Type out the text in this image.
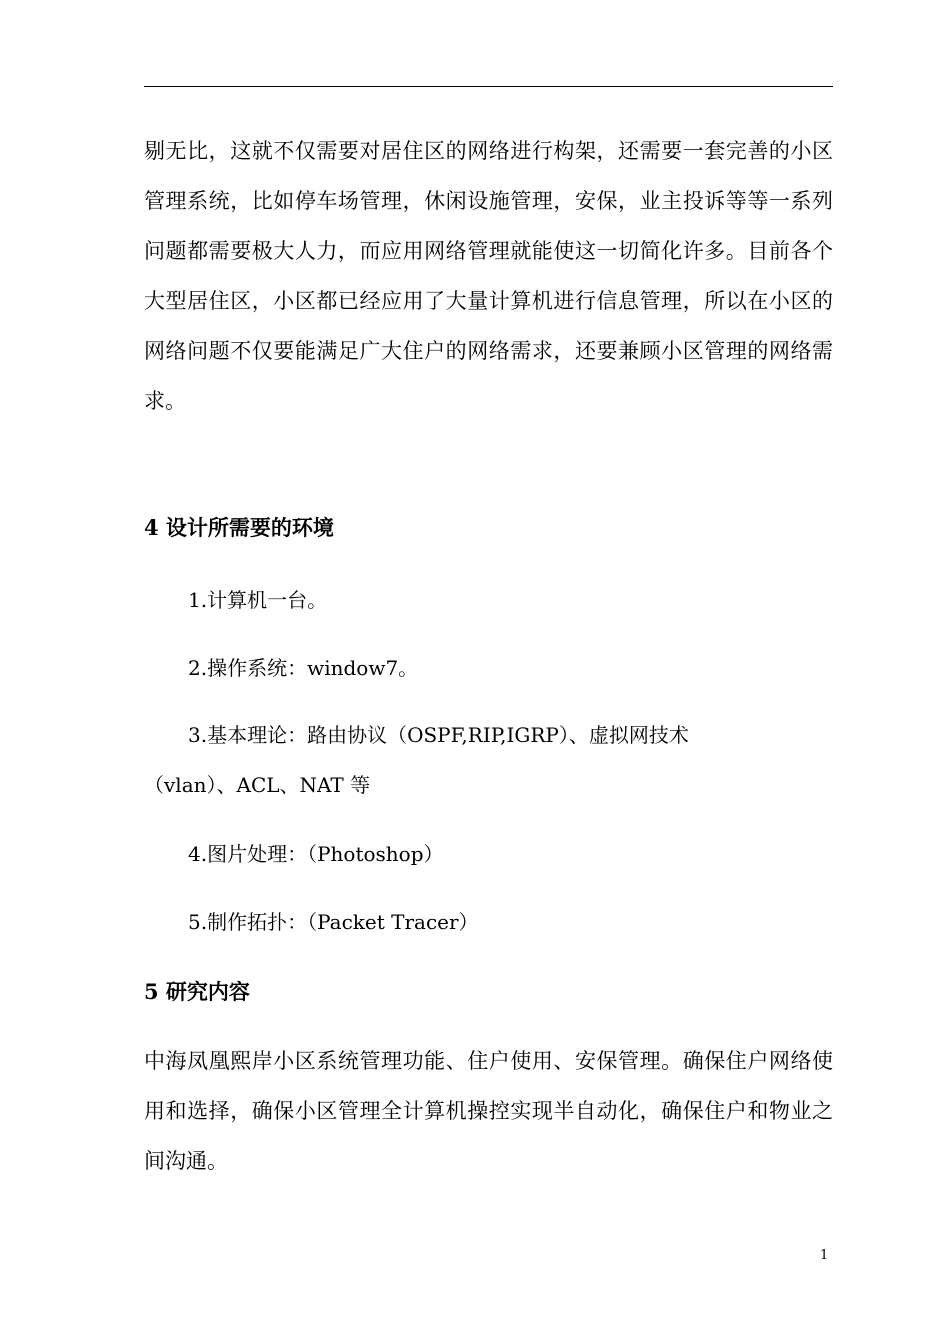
剔无比，这就不仅需要对居住区的网络进行构架，还需要一套完善的小区管理系统，比如停车场管理，休闲设施管理，安保，业主投诉等等一系列问题都需要极大人力，而应用网络管理就能使这一切简化许多。目前各个大型居住区，小区都已经应用了大量计算机进行信息管理，所以在小区的网络问题不仅要能满足广大住户的网络需求，还要兼顾小区管理的网络需求。

4 设计所需要的环境

1.计算机一台。

2.操作系统：window7。

3.基本理论：路由协议（OSPF,RIP,IGRP）、虚拟网技术
（vlan）、ACL、NAT 等

4.图片处理：（Photoshop）

5.制作拓扑：（Packet Tracer）

5 研究内容

中海凤凰熙岸小区系统管理功能、住户使用、安保管理。确保住户网络使用和选择，确保小区管理全计算机操控实现半自动化，确保住户和物业之间沟通。

1
